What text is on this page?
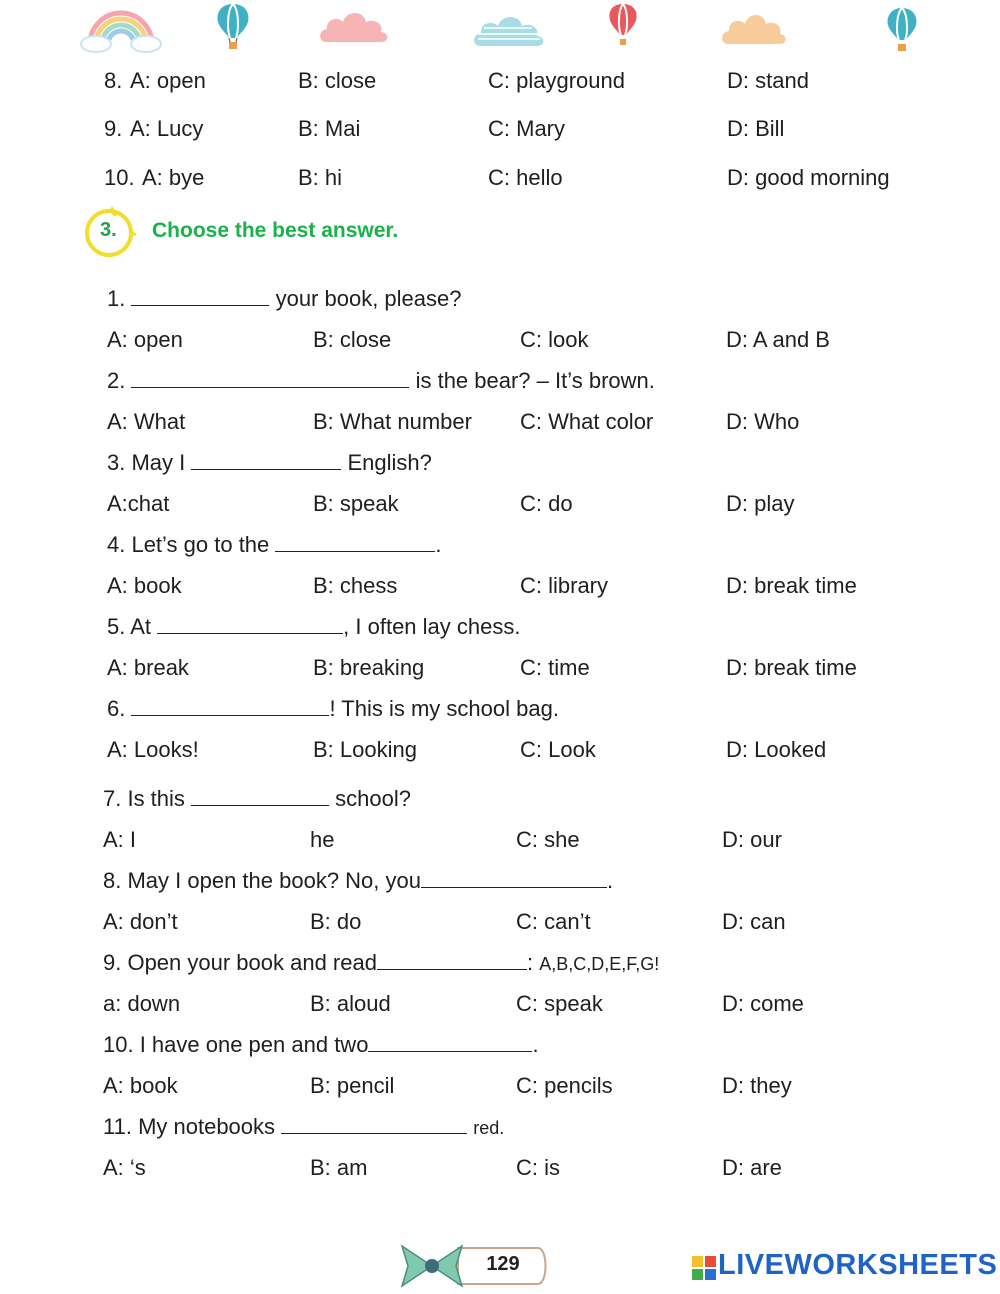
8. A: open	B: close	C: playground	D: stand
9. A: Lucy	B: Mai	C: Mary	D: Bill
10. A: bye	B: hi	C: hello	D: good morning
3. Choose the best answer.
1.	your book, please?
A: open	B: close	C: look	D: A and B
2.	is the bear? – It’s brown.
A: What	B: What number C: What color	D: Who
3. May I	English?
A:chat	B: speak	C: do	D: play
4. Let’s go to the	.
A: book	B: chess	C: library	D: break time
5. At	, I often lay chess.
A: break	B: breaking	C: time	D: break time
6.	! This is my school bag.
A: Looks!	B: Looking	C: Look	D: Looked
7. Is this	school?
A: I	he	C: she	D: our
8. May I open the book? No, you	.
A: don’t	B: do	C: can’t	D: can
9. Open your book and read	: A,B,C,D,E,F,G!
a: down	B: aloud	C: speak	D: come
10. I have one pen and two	.
A: book	B: pencil	C: pencils	D: they
11. My notebooks	red.
A: ‘s	B: am	C: is	D: are
129	LIVEWORKSHEETS
